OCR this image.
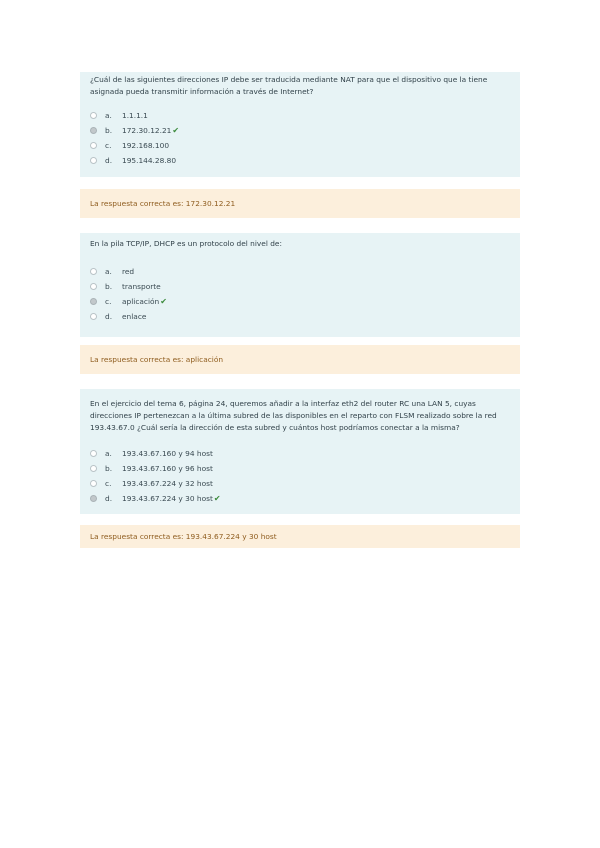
¿Cuál de las siguientes direcciones IP debe ser traducida mediante NAT para que el dispositivo que la tiene asignada pueda transmitir información a través de Internet?

a.	1.1.1.1
b.	172.30.12.21 ✔
c.	192.168.100
d.	195.144.28.80
La respuesta correcta es: 172.30.12.21

En la pila TCP/IP, DHCP es un protocolo del nivel de:

a.	red
b.	transporte
c.	aplicación ✔
d.	enlace
La respuesta correcta es: aplicación

En el ejercicio del tema 6, página 24, queremos añadir a la interfaz eth2 del router RC una LAN 5, cuyas direcciones IP pertenezcan a la última subred de las disponibles en el reparto con FLSM realizado sobre la red 193.43.67.0 ¿Cuál sería la dirección de esta subred y cuántos host podríamos conectar a la misma?

a.	193.43.67.160 y 94 host
b.	193.43.67.160 y 96 host
c.	193.43.67.224 y 32 host
d.	193.43.67.224 y 30 host ✔
La respuesta correcta es: 193.43.67.224 y 30 host
